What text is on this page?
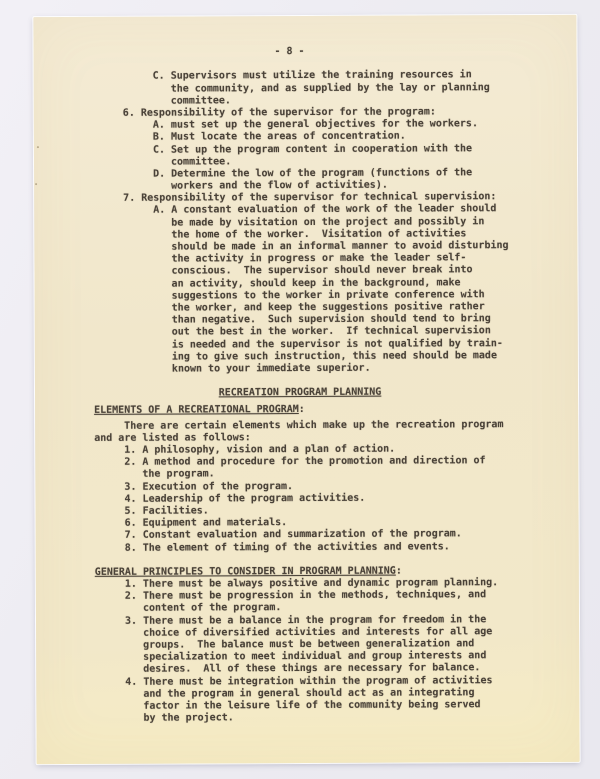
- 8 -
C. Supervisors must utilize the training resources in
the community, and as supplied by the lay or planning
committee.
6. Responsibility of the supervisor for the program:
A. must set up the general objectives for the workers.
B. Must locate the areas of concentration.
C. Set up the program content in cooperation with the
committee.
D. Determine the low of the program (functions of the
workers and the flow of activities).
7. Responsibility of the supervisor for technical supervision:
A. A constant evaluation of the work of the leader should
be made by visitation on the project and possibly in
the home of the worker.  Visitation of activities
should be made in an informal manner to avoid disturbing
the activity in progress or make the leader self-
conscious.  The supervisor should never break into
an activity, should keep in the background, make
suggestions to the worker in private conference with
the worker, and keep the suggestions positive rather
than negative.  Such supervision should tend to bring
out the best in the worker.  If technical supervision
is needed and the supervisor is not qualified by train-
ing to give such instruction, this need should be made
known to your immediate superior.
RECREATION PROGRAM PLANNING
ELEMENTS OF A RECREATIONAL PROGRAM:
There are certain elements which make up the recreation program
and are listed as follows:
1. A philosophy, vision and a plan of action.
2. A method and procedure for the promotion and direction of
the program.
3. Execution of the program.
4. Leadership of the program activities.
5. Facilities.
6. Equipment and materials.
7. Constant evaluation and summarization of the program.
8. The element of timing of the activities and events.
GENERAL PRINCIPLES TO CONSIDER IN PROGRAM PLANNING:
1. There must be always positive and dynamic program planning.
2. There must be progression in the methods, techniques, and
content of the program.
3. There must be a balance in the program for freedom in the
choice of diversified activities and interests for all age
groups.  The balance must be between generalization and
specialization to meet individual and group interests and
desires.  All of these things are necessary for balance.
4. There must be integration within the program of activities
and the program in general should act as an integrating
factor in the leisure life of the community being served
by the project.
